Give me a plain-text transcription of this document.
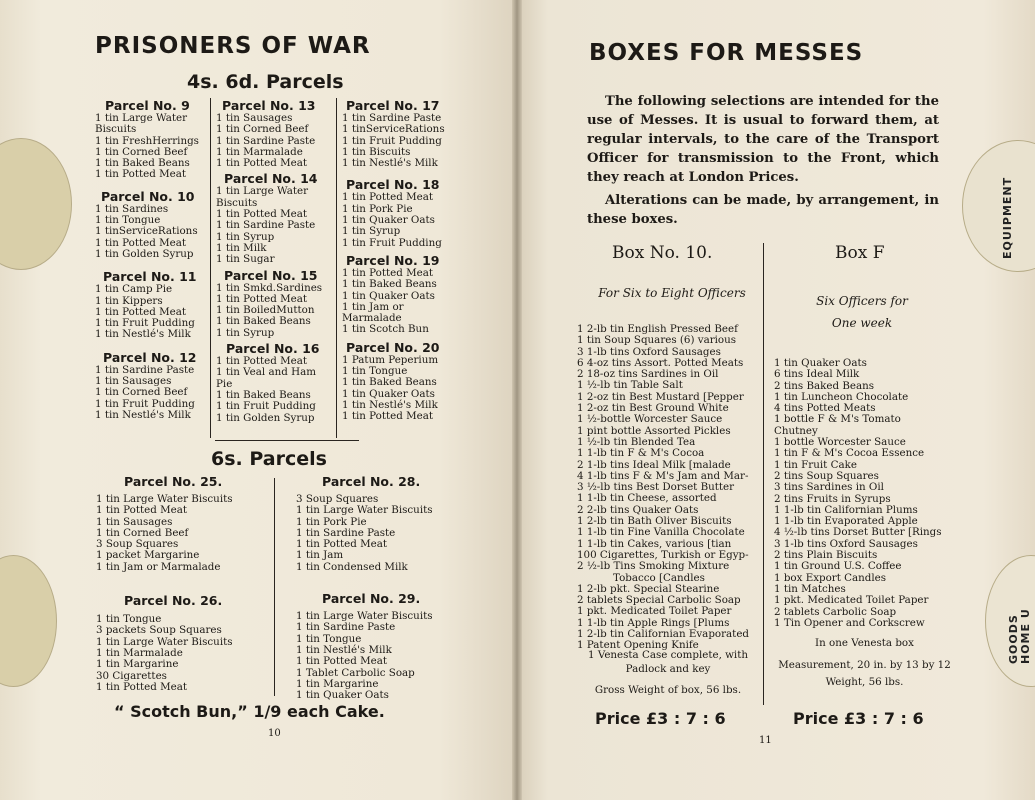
PRISONERS OF WAR
4s. 6d. Parcels
Parcel No. 9
1 tin Large Water Biscuits
1 tin FreshHerrings
1 tin Corned Beef
1 tin Baked Beans
1 tin Potted Meat
Parcel No. 10
1 tin Sardines
1 tin Tongue
1 tinServiceRations
1 tin Potted Meat
1 tin Golden Syrup
Parcel No. 11
1 tin Camp Pie
1 tin Kippers
1 tin Potted Meat
1 tin Fruit Pudding
1 tin Nestlé's Milk
Parcel No. 12
1 tin Sardine Paste
1 tin Sausages
1 tin Corned Beef
1 tin Fruit Pudding
1 tin Nestlé's Milk
Parcel No. 13
1 tin Sausages
1 tin Corned Beef
1 tin Sardine Paste
1 tin Marmalade
1 tin Potted Meat
Parcel No. 14
1 tin Large Water Biscuits
1 tin Potted Meat
1 tin Sardine Paste
1 tin Syrup
1 tin Milk
1 tin Sugar
Parcel No. 15
1 tin Smkd.Sardines
1 tin Potted Meat
1 tin BoiledMutton
1 tin Baked Beans
1 tin Syrup
Parcel No. 16
1 tin Potted Meat
1 tin Veal and Ham Pie
1 tin Baked Beans
1 tin Fruit Pudding
1 tin Golden Syrup
Parcel No. 17
1 tin Sardine Paste
1 tinServiceRations
1 tin Fruit Pudding
1 tin Biscuits
1 tin Nestlé's Milk
Parcel No. 18
1 tin Potted Meat
1 tin Pork Pie
1 tin Quaker Oats
1 tin Syrup
1 tin Fruit Pudding
Parcel No. 19
1 tin Potted Meat
1 tin Baked Beans
1 tin Quaker Oats
1 tin Jam or Marmalade
1 tin Scotch Bun
Parcel No. 20
1 Patum Peperium
1 tin Tongue
1 tin Baked Beans
1 tin Quaker Oats
1 tin Nestlé's Milk
1 tin Potted Meat
6s. Parcels
Parcel No. 25.
1 tin Large Water Biscuits
1 tin Potted Meat
1 tin Sausages
1 tin Corned Beef
3 Soup Squares
1 packet Margarine
1 tin Jam or Marmalade
Parcel No. 26.
1 tin Tongue
3 packets Soup Squares
1 tin Large Water Biscuits
1 tin Marmalade
1 tin Margarine
30 Cigarettes
1 tin Potted Meat
Parcel No. 28.
3 Soup Squares
1 tin Large Water Biscuits
1 tin Pork Pie
1 tin Sardine Paste
1 tin Potted Meat
1 tin Jam
1 tin Condensed Milk
Parcel No. 29.
1 tin Large Water Biscuits
1 tin Sardine Paste
1 tin Tongue
1 tin Nestlé's Milk
1 tin Potted Meat
1 Tablet Carbolic Soap
1 tin Margarine
1 tin Quaker Oats
“ Scotch Bun,” 1/9 each Cake.
10
BOXES FOR MESSES
The following selections are intended for the use of Messes. It is usual to forward them, at regular intervals, to the care of the Transport Officer for transmission to the Front, which they reach at London Prices.
Alterations can be made, by arrangement, in these boxes.
Box No. 10.
For Six to Eight Officers
1 2-lb tin English Pressed Beef
1 tin Soup Squares (6) various
3 1-lb tins Oxford Sausages
6 4-oz tins Assort. Potted Meats
2 18-oz tins Sardines in Oil
1 ½-lb tin Table Salt
1 2-oz tin Best Mustard [Pepper
1 2-oz tin Best Ground White
1 ½-bottle Worcester Sauce
1 pint bottle Assorted Pickles
1 ½-lb tin Blended Tea
1 1-lb tin F & M's Cocoa
2 1-lb tins Ideal Milk [malade
4 1-lb tins F & M's Jam and Mar-
3 ½-lb tins Best Dorset Butter
1 1-lb tin Cheese, assorted
2 2-lb tins Quaker Oats
1 2-lb tin Bath Oliver Biscuits
1 1-lb tin Fine Vanilla Chocolate
1 1-lb tin Cakes, various [tian
100 Cigarettes, Turkish or Egyp-
2 ½-lb Tins Smoking Mixture
Tobacco [Candles
1 2-lb pkt. Special Stearine
2 tablets Special Carbolic Soap
1 pkt. Medicated Toilet Paper
1 1-lb tin Apple Rings [Plums
1 2-lb tin Californian Evaporated
1 Patent Opening Knife
1 Venesta Case complete, with Padlock and key
Gross Weight of box, 56 lbs.
Price £3 : 7 : 6
Box F
Six Officers for One week
1 tin Quaker Oats
6 tins Ideal Milk
2 tins Baked Beans
1 tin Luncheon Chocolate
4 tins Potted Meats
1 bottle F & M's Tomato Chutney
1 bottle Worcester Sauce
1 tin F & M's Cocoa Essence
1 tin Fruit Cake
2 tins Soup Squares
3 tins Sardines in Oil
2 tins Fruits in Syrups
1 1-lb tin Californian Plums
1 1-lb tin Evaporated Apple
4 ½-lb tins Dorset Butter [Rings
3 1-lb tins Oxford Sausages
2 tins Plain Biscuits
1 tin Ground U.S. Coffee
1 box Export Candles
1 tin Matches
1 pkt. Medicated Toilet Paper
2 tablets Carbolic Soap
1 Tin Opener and Corkscrew
In one Venesta box
Measurement, 20 in. by 13 by 12
Weight, 56 lbs.
Price £3 : 7 : 6
11
EQUIPMENT
GOODS HOME U
